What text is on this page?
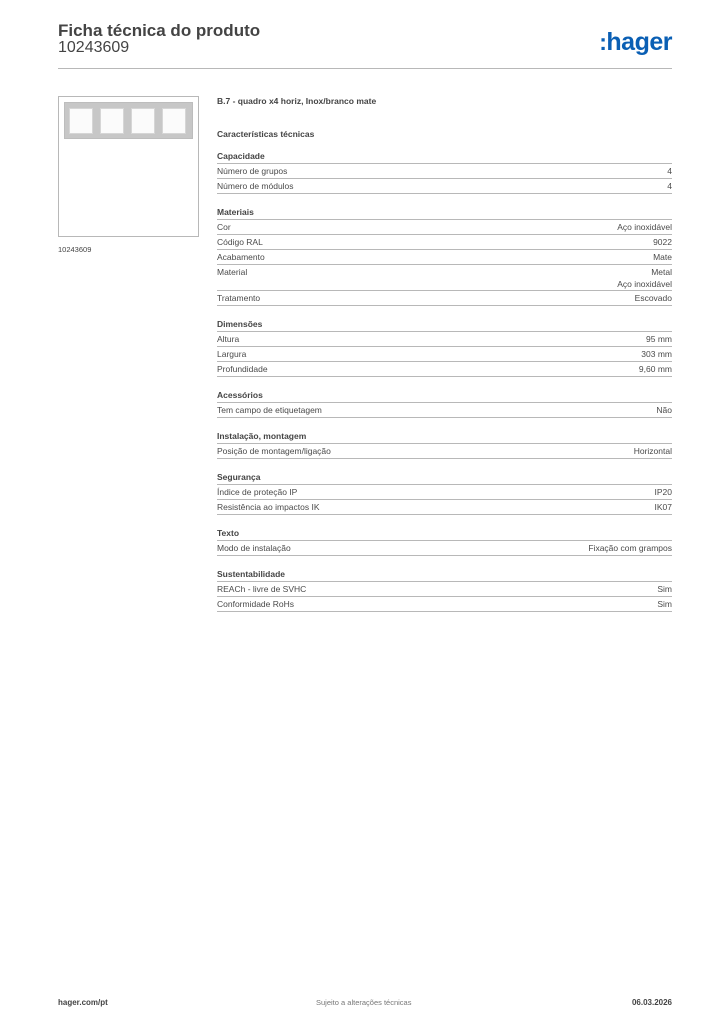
Ficha técnica do produto
10243609	:hager
10243609
B.7 - quadro x4 horiz, Inox/branco mate
Características técnicas
Capacidade
Número de grupos	4
Número de módulos	4
Materiais
Cor	Aço inoxidável
Código RAL	9022
Acabamento	Mate
Material	Metal
Aço inoxidável
Tratamento	Escovado
Dimensões
Altura	95 mm
Largura	303 mm
Profundidade	9,60 mm
Acessórios
Tem campo de etiquetagem	Não
Instalação, montagem
Posição de montagem/ligação	Horizontal
Segurança
Índice de proteção IP	IP20
Resistência ao impactos IK	IK07
Texto
Modo de instalação	Fixação com grampos
Sustentabilidade
REACh - livre de SVHC	Sim
Conformidade RoHs	Sim
hager.com/pt	Sujeito a alterações técnicas	06.03.2026
